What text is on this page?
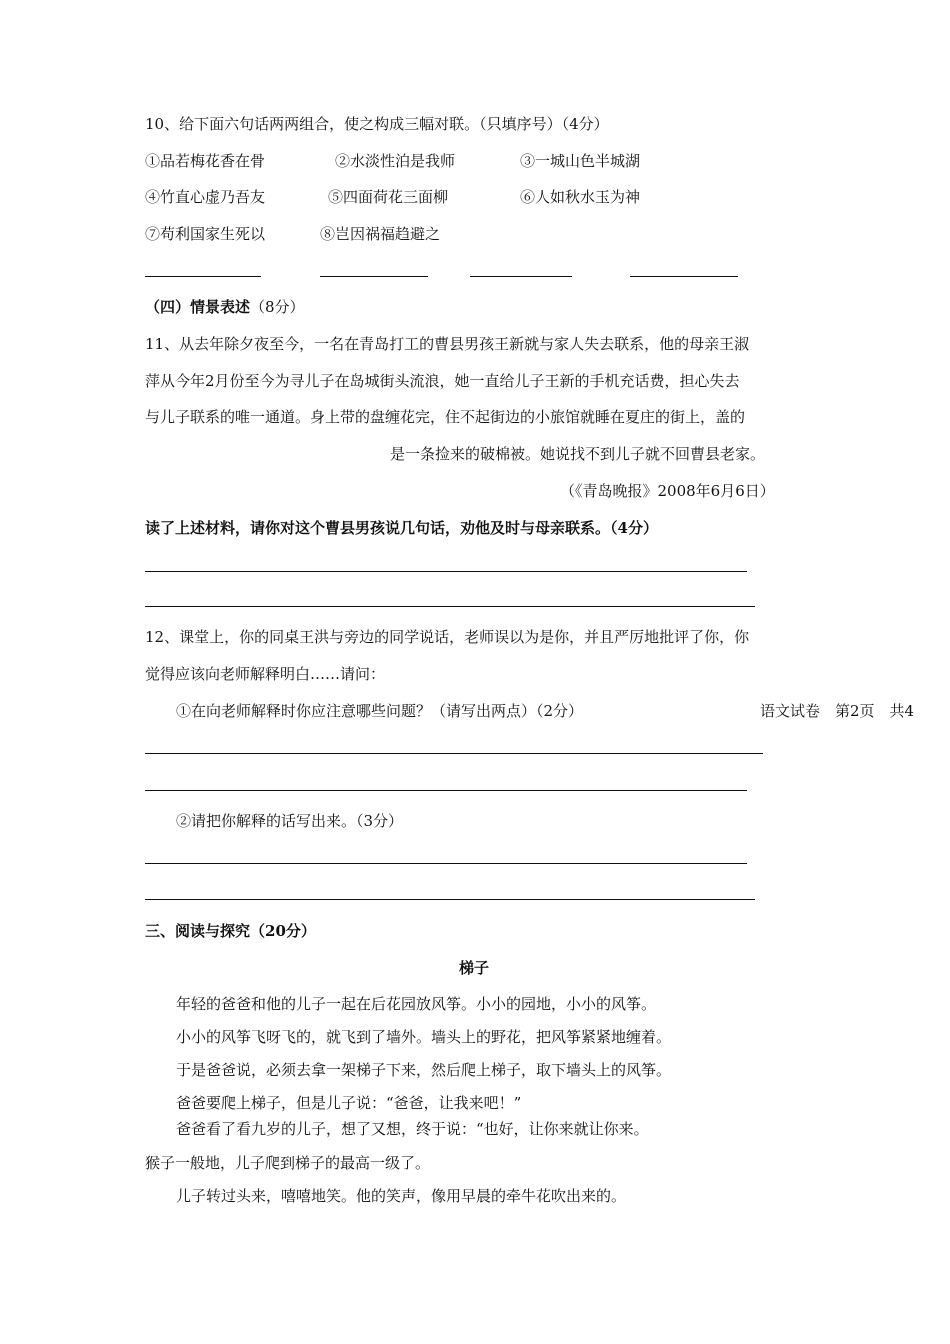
10、给下面六句话两两组合，使之构成三幅对联。（只填序号）（4分）
①品若梅花香在骨	②水淡性泊是我师	③一城山色半城湖
④竹直心虚乃吾友	⑤四面荷花三面柳	⑥人如秋水玉为神
⑦苟利国家生死以	⑧岂因祸福趋避之
（四）情景表述（8分）
11、从去年除夕夜至今，一名在青岛打工的曹县男孩王新就与家人失去联系，他的母亲王淑
萍从今年2月份至今为寻儿子在岛城街头流浪，她一直给儿子王新的手机充话费，担心失去
与儿子联系的唯一通道。身上带的盘缠花完，住不起街边的小旅馆就睡在夏庄的街上，盖的
是一条捡来的破棉被。她说找不到儿子就不回曹县老家。
（《青岛晚报》2008年6月6日）
读了上述材料，请你对这个曹县男孩说几句话，劝他及时与母亲联系。（4分）
12、课堂上，你的同桌王洪与旁边的同学说话，老师误以为是你，并且严厉地批评了你，你
觉得应该向老师解释明白……请问：
①在向老师解释时你应注意哪些问题？（请写出两点）（2分）	语文试卷　第2页　共4
②请把你解释的话写出来。（3分）
三、阅读与探究（20分）
梯子
年轻的爸爸和他的儿子一起在后花园放风筝。小小的园地，小小的风筝。
小小的风筝飞呀飞的，就飞到了墙外。墙头上的野花，把风筝紧紧地缠着。
于是爸爸说，必须去拿一架梯子下来，然后爬上梯子，取下墙头上的风筝。
爸爸要爬上梯子，但是儿子说：“爸爸，让我来吧！”
爸爸看了看九岁的儿子，想了又想，终于说：“也好，让你来就让你来。
猴子一般地，儿子爬到梯子的最高一级了。
儿子转过头来，嘻嘻地笑。他的笑声，像用早晨的牵牛花吹出来的。
